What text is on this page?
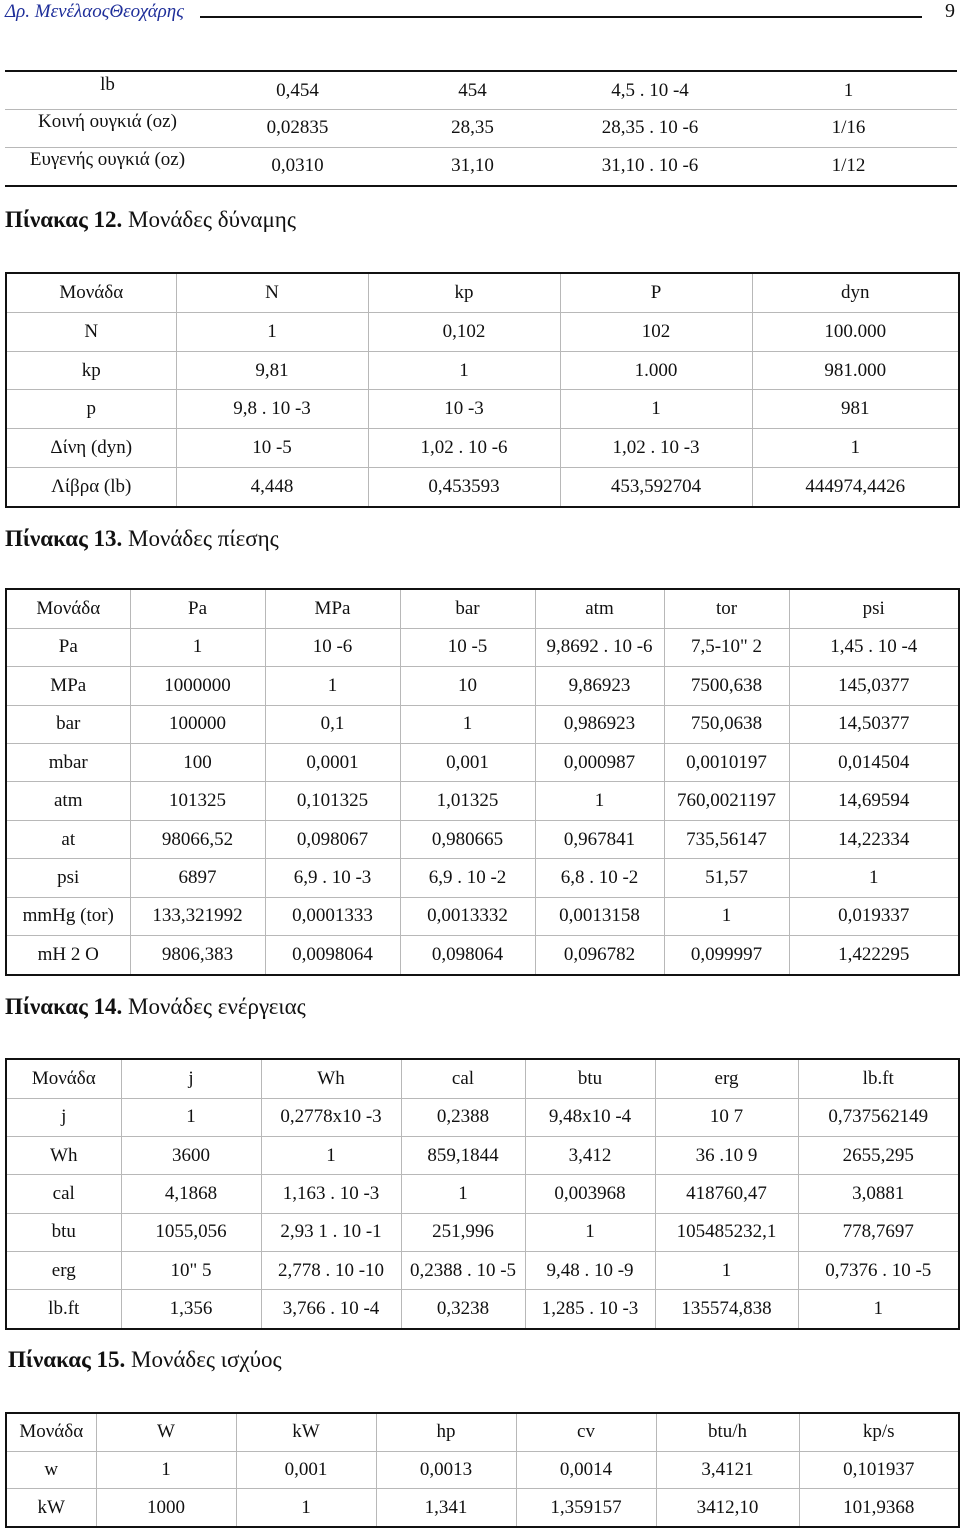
Δρ. ΜενέλαοςΘεοχάρης	9
lb	0,454	454	4,5 . 10 -4	1
Κοινή ουγκιά (oz)	0,02835	28,35	28,35 . 10 -6	1/16
Ευγενής ουγκιά (oz)	0,0310	31,10	31,10 . 10 -6	1/12
Πίνακας 12. Μονάδες δύναμης
Μονάδα	N	kp	P	dyn
N	1	0,102	102	100.000
kp	9,81	1	1.000	981.000
p	9,8 . 10 -3	10 -3	1	981
Δίνη (dyn)	10 -5	1,02 . 10 -6	1,02 . 10 -3	1
Λίβρα (lb)	4,448	0,453593	453,592704	444974,4426
Πίνακας 13. Μονάδες πίεσης
Μονάδα	Pa	MPa	bar	atm	tor	psi
Pa	1	10 -6	10 -5	9,8692 . 10 -6	7,5-10" 2	1,45 . 10 -4
MPa	1000000	1	10	9,86923	7500,638	145,0377
bar	100000	0,1	1	0,986923	750,0638	14,50377
mbar	100	0,0001	0,001	0,000987	0,0010197	0,014504
atm	101325	0,101325	1,01325	1	760,0021197	14,69594
at	98066,52	0,098067	0,980665	0,967841	735,56147	14,22334
psi	6897	6,9 . 10 -3	6,9 . 10 -2	6,8 . 10 -2	51,57	1
mmHg (tor)	133,321992	0,0001333	0,0013332	0,0013158	1	0,019337
mH 2 O	9806,383	0,0098064	0,098064	0,096782	0,099997	1,422295
Πίνακας 14. Μονάδες ενέργειας
Μονάδα	j	Wh	cal	btu	erg	lb.ft
j	1	0,2778x10 -3	0,2388	9,48x10 -4	10 7	0,737562149
Wh	3600	1	859,1844	3,412	36 .10 9	2655,295
cal	4,1868	1,163 . 10 -3	1	0,003968	418760,47	3,0881
btu	1055,056	2,93 1 . 10 -1	251,996	1	105485232,1	778,7697
erg	10" 5	2,778 . 10 -10	0,2388 . 10 -5	9,48 . 10 -9	1	0,7376 . 10 -5
lb.ft	1,356	3,766 . 10 -4	0,3238	1,285 . 10 -3	135574,838	1
Πίνακας 15. Μονάδες ισχύος
Μονάδα	W	kW	hp	cv	btu/h	kp/s
w	1	0,001	0,0013	0,0014	3,4121	0,101937
kW	1000	1	1,341	1,359157	3412,10	101,9368
